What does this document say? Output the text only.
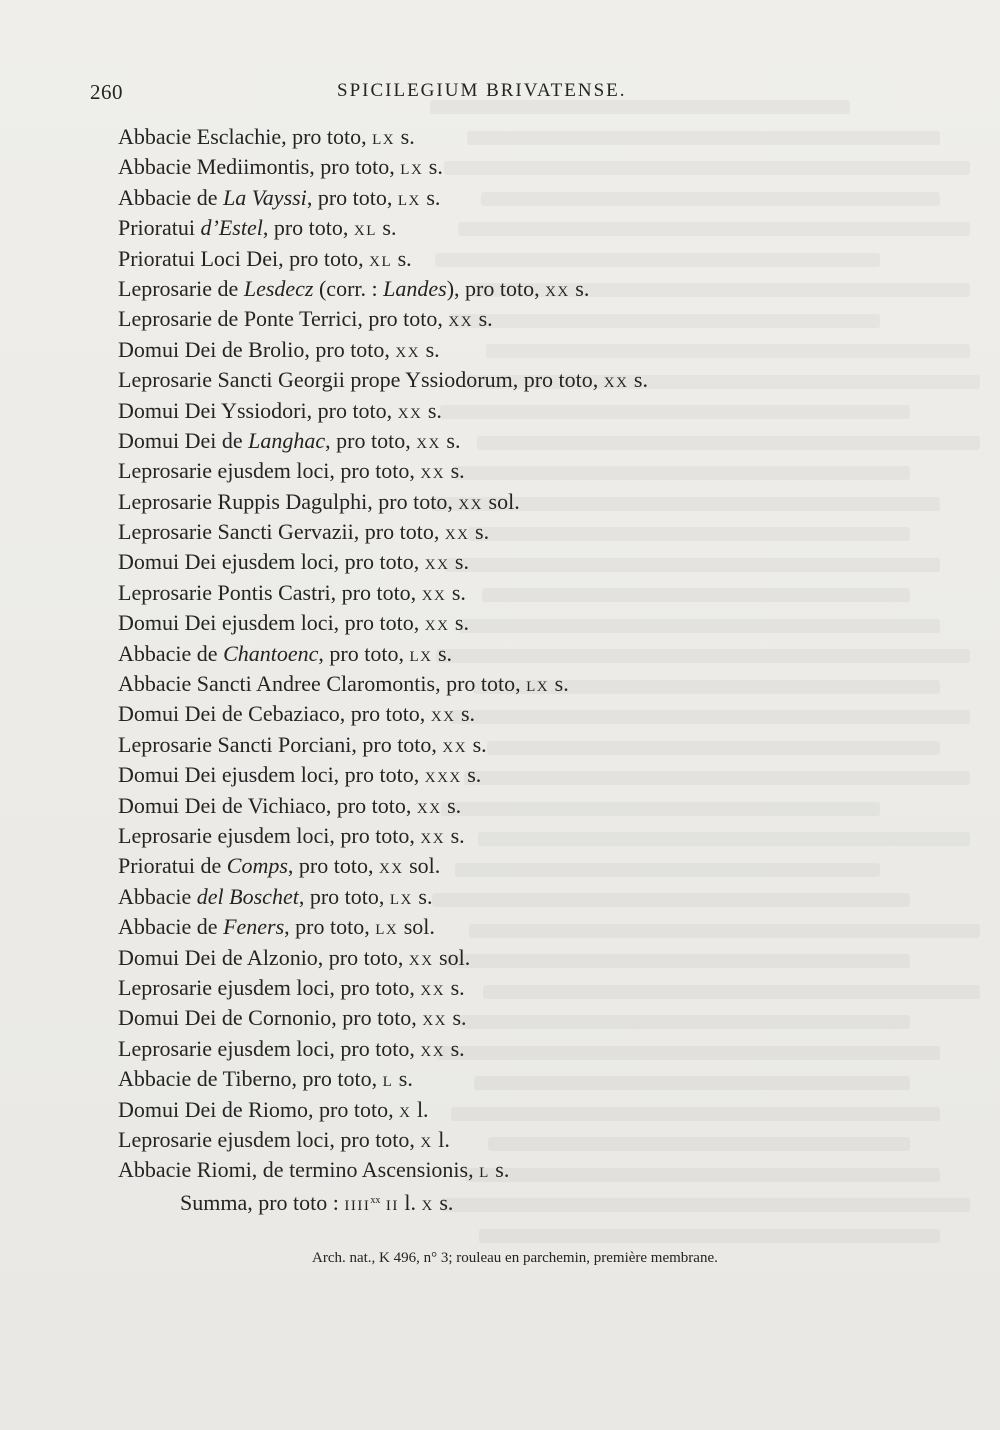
260	SPICILEGIUM BRIVATENSE.
Abbacie Esclachie, pro toto, LX s.
Abbacie Mediimontis, pro toto, LX s.
Abbacie de La Vayssi, pro toto, LX s.
Prioratui d’Estel, pro toto, XL s.
Prioratui Loci Dei, pro toto, XL s.
Leprosarie de Lesdecz (corr. : Landes), pro toto, XX s.
Leprosarie de Ponte Terrici, pro toto, XX s.
Domui Dei de Brolio, pro toto, XX s.
Leprosarie Sancti Georgii prope Yssiodorum, pro toto, XX s.
Domui Dei Yssiodori, pro toto, XX s.
Domui Dei de Langhac, pro toto, XX s.
Leprosarie ejusdem loci, pro toto, XX s.
Leprosarie Ruppis Dagulphi, pro toto, XX sol.
Leprosarie Sancti Gervazii, pro toto, XX s.
Domui Dei ejusdem loci, pro toto, XX s.
Leprosarie Pontis Castri, pro toto, XX s.
Domui Dei ejusdem loci, pro toto, XX s.
Abbacie de Chantoenc, pro toto, LX s.
Abbacie Sancti Andree Claromontis, pro toto, LX s.
Domui Dei de Cebaziaco, pro toto, XX s.
Leprosarie Sancti Porciani, pro toto, XX s.
Domui Dei ejusdem loci, pro toto, XXX s.
Domui Dei de Vichiaco, pro toto, XX s.
Leprosarie ejusdem loci, pro toto, XX s.
Prioratui de Comps, pro toto, XX sol.
Abbacie del Boschet, pro toto, LX s.
Abbacie de Feners, pro toto, LX sol.
Domui Dei de Alzonio, pro toto, XX sol.
Leprosarie ejusdem loci, pro toto, XX s.
Domui Dei de Cornonio, pro toto, XX s.
Leprosarie ejusdem loci, pro toto, XX s.
Abbacie de Tiberno, pro toto, L s.
Domui Dei de Riomo, pro toto, X l.
Leprosarie ejusdem loci, pro toto, X l.
Abbacie Riomi, de termino Ascensionis, L s.
Summa, pro toto : IIII$^{xx}$ II l. X s.
Arch. nat., K 496, n° 3; rouleau en parchemin, première membrane.
